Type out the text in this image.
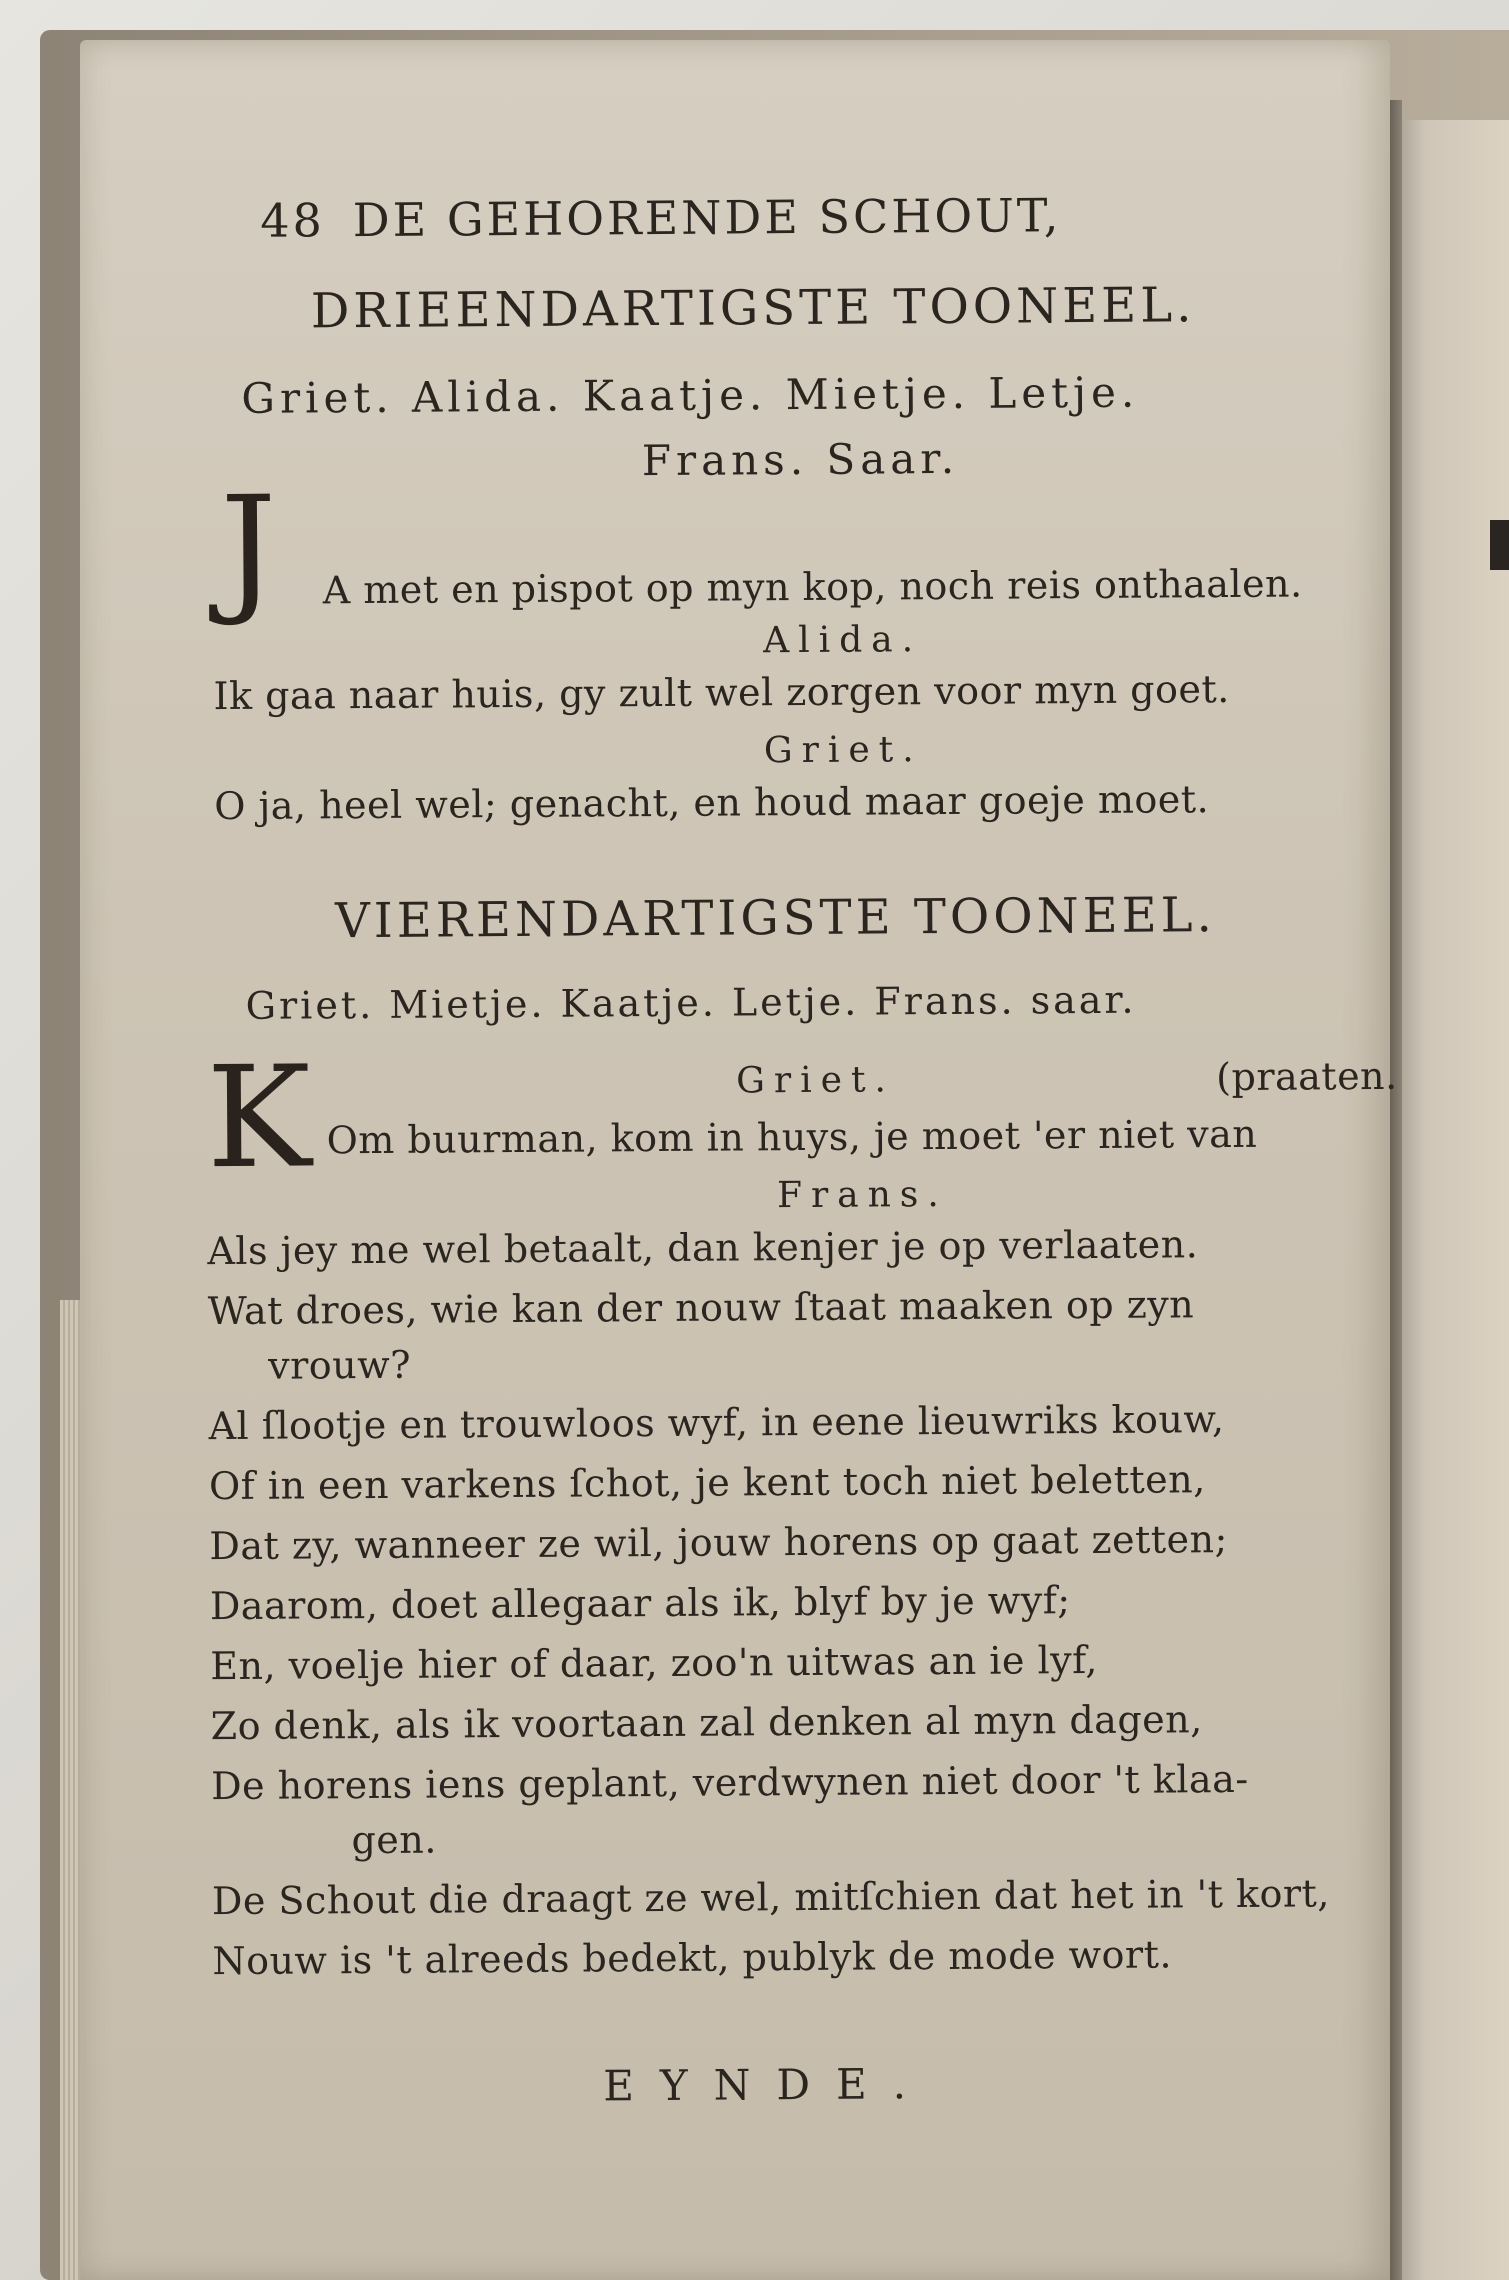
48 DE GEHORENDE SCHOUT,
DRIEENDARTIGSTE TOONEEL.
Griet. Alida. Kaatje. Mietje. Letje.
Frans. Saar.
J A met en pispot op myn kop, noch reis onthaalen.
Alida.
Ik gaa naar huis, gy zult wel zorgen voor myn goet.
Griet.
O ja, heel wel; genacht, en houd maar goeje moet.
VIERENDARTIGSTE TOONEEL.
Griet. Mietje. Kaatje. Letje. Frans. saar.
K	Griet.	(praaten.
Om buurman, kom in huys, je moet 'er niet van
Frans.
Als jey me wel betaalt, dan kenjer je op verlaaten.
Wat droes, wie kan der nouw ſtaat maaken op zyn
vrouw?
Al ſlootje en trouwloos wyf, in eene lieuwriks kouw,
Of in een varkens ſchot, je kent toch niet beletten,
Dat zy, wanneer ze wil, jouw horens op gaat zetten;
Daarom, doet allegaar als ik, blyf by je wyf;
En, voelje hier of daar, zoo'n uitwas an ie lyf,
Zo denk, als ik voortaan zal denken al myn dagen,
De horens iens geplant, verdwynen niet door 't klaa-
gen.
De Schout die draagt ze wel, mitſchien dat het in 't kort,
Nouw is 't alreeds bedekt, publyk de mode wort.
EYNDE.
